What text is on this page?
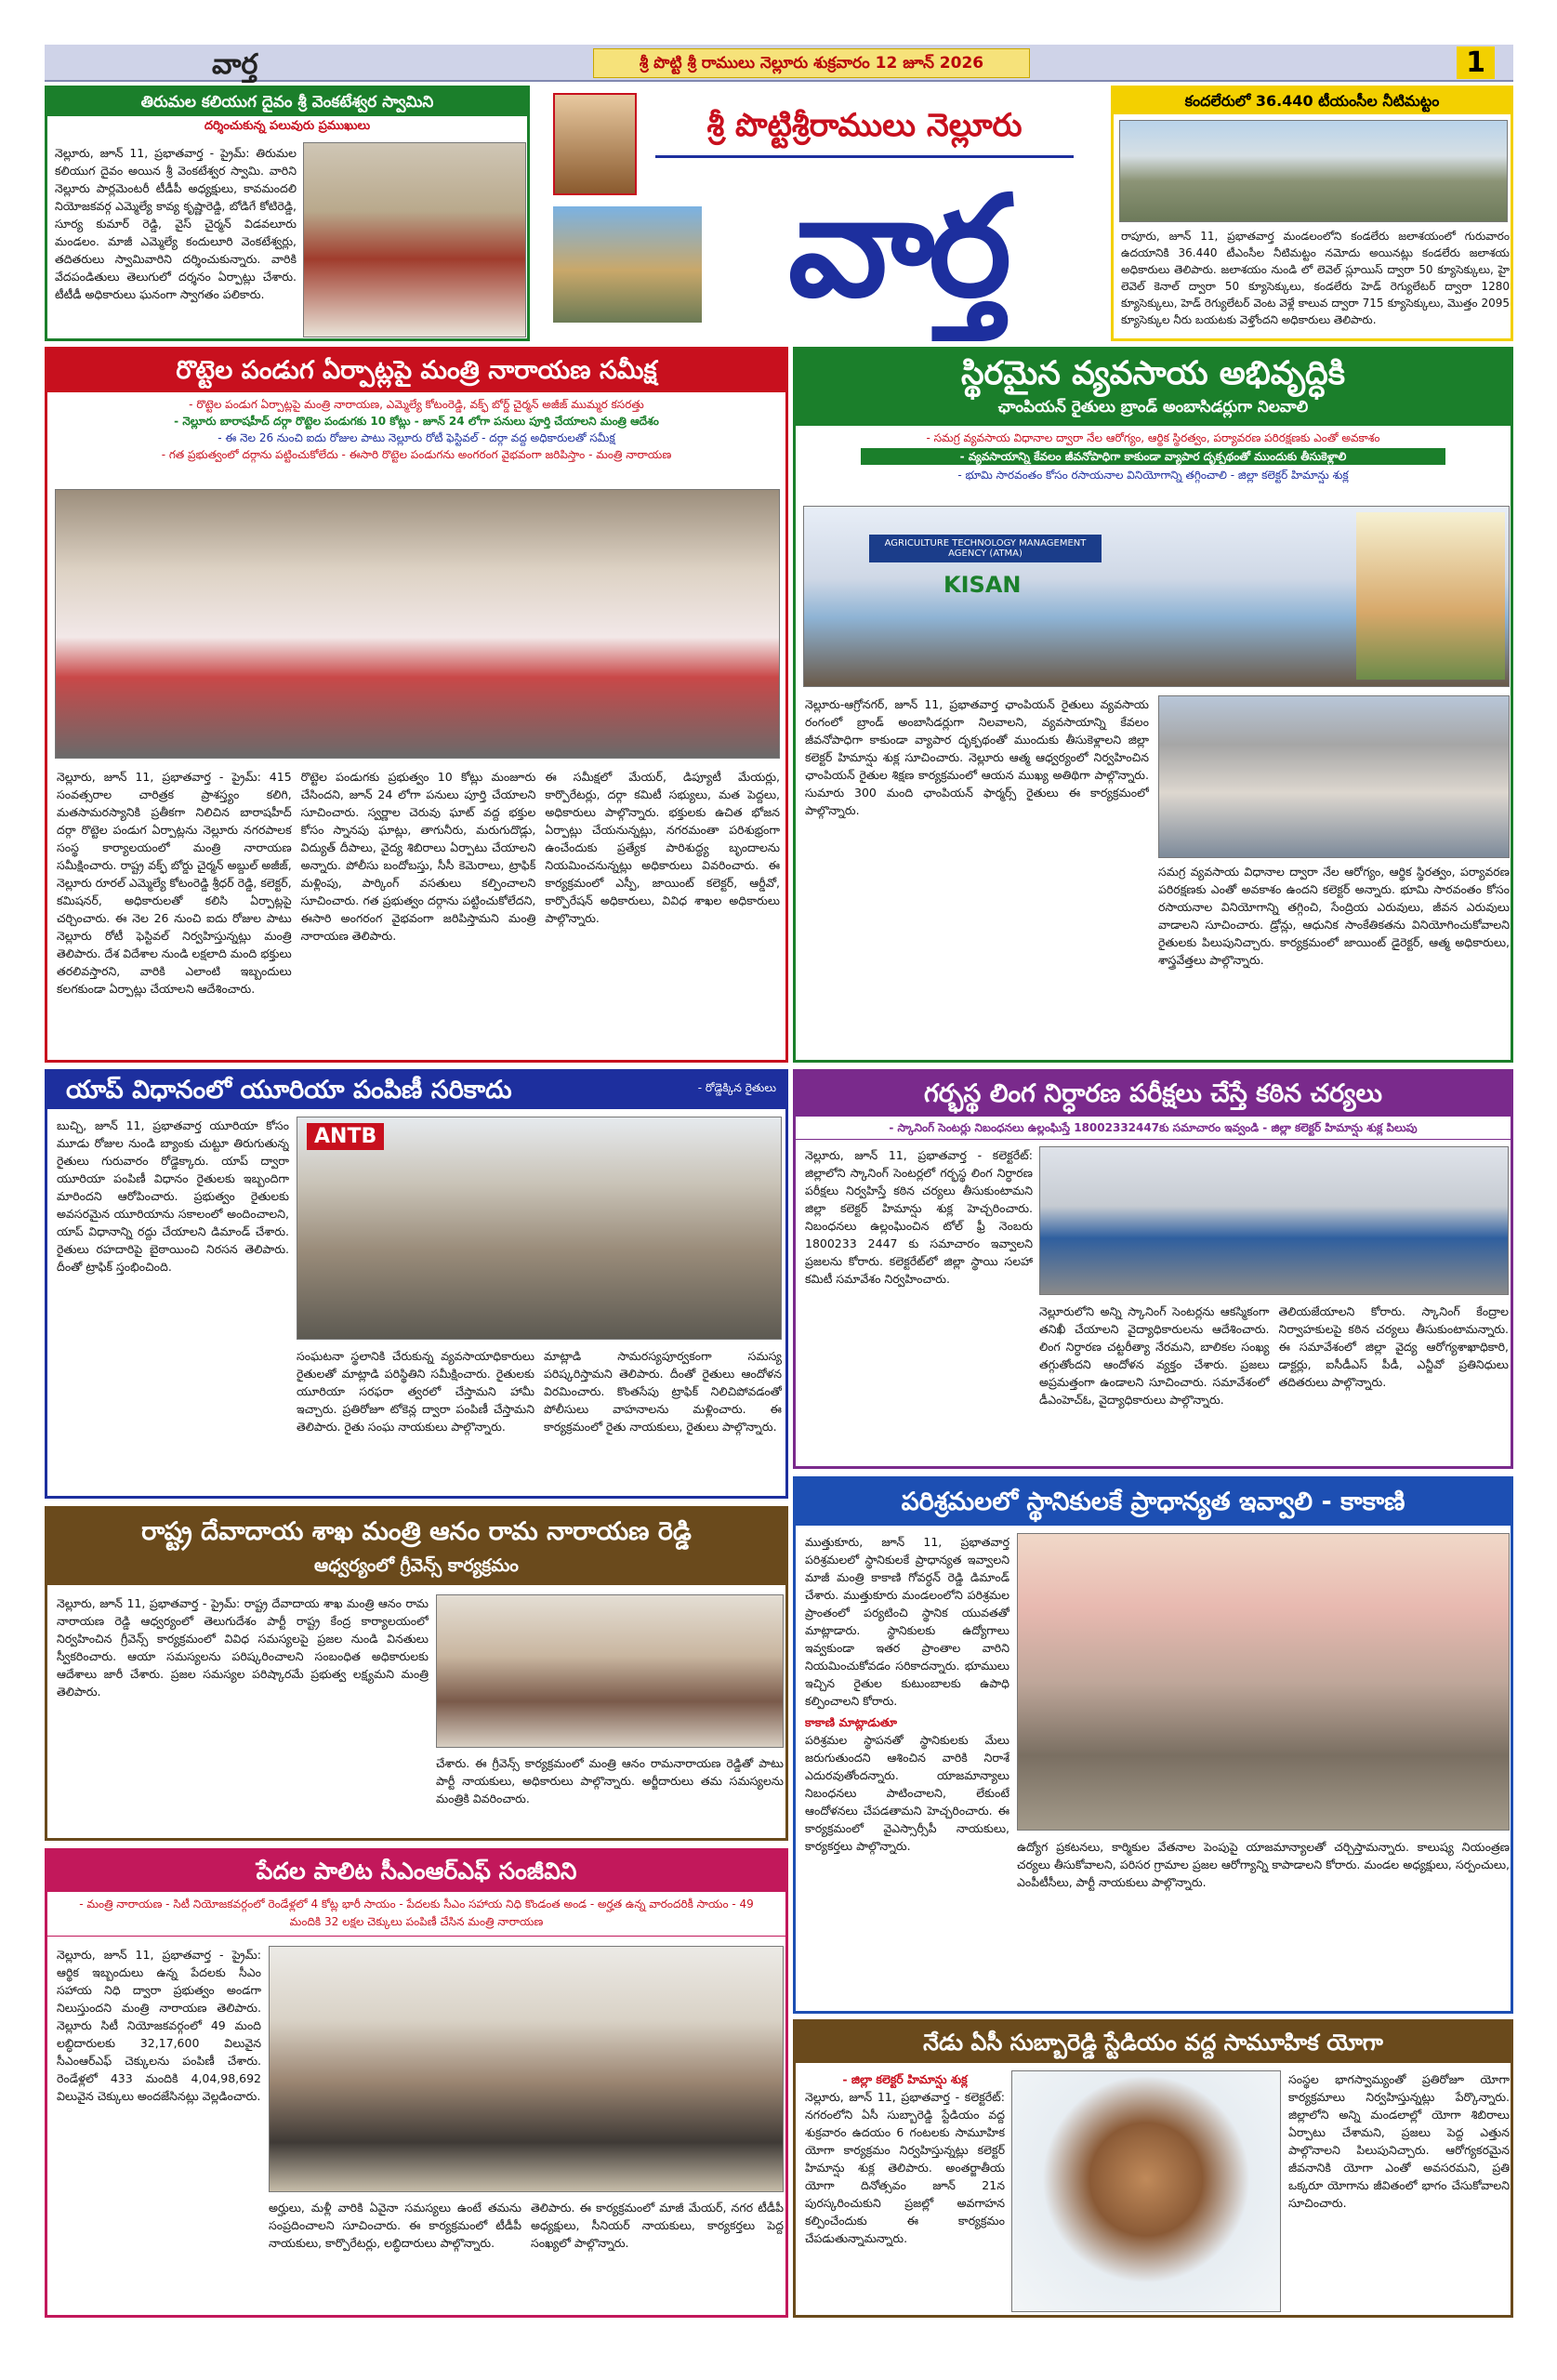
వార్త	శ్రీ పొట్టి శ్రీ రాములు నెల్లూరు శుక్రవారం 12 జూన్ 2026	1
తిరుమల కలియుగ దైవం శ్రీ వెంకటేశ్వర స్వామిని
దర్శించుకున్న పలువురు ప్రముఖులు
నెల్లూరు, జూన్ 11, ప్రభాతవార్త - ప్రైమ్: తిరుమల కలియుగ దైవం అయిన శ్రీ వెంకటేశ్వర స్వామి. వారిని నెల్లూరు పార్లమెంటరీ టీడీపీ అధ్యక్షులు, కావమందలి నియోజకవర్గ ఎమ్మెల్యే కావ్య కృష్ణారెడ్డి, బోడిగే కోటిరెడ్డి, సూర్య కుమార్ రెడ్డి, వైస్ చైర్మన్ విడవలూరు మండలం. మాజీ ఎమ్మెల్యే కందులూరి వెంకటేశ్వర్లు, తదితరులు స్వామివారిని దర్శించుకున్నారు. వారికి వేదపండితులు తెలుగులో దర్శనం ఏర్పాట్లు చేశారు. టీటీడీ అధికారులు ఘనంగా స్వాగతం పలికారు.
శ్రీ పొట్టిశ్రీరాములు నెల్లూరు
వార్త
కందలేరులో 36.440 టీయంసీల నీటిమట్టం
రాపూరు, జూన్ 11, ప్రభాతవార్త మండలంలోని కండలేరు జలాశయంలో గురువారం ఉదయానికి 36.440 టీఎంసీల నీటిమట్టం నమోదు అయినట్లు కండలేరు జలాశయ అధికారులు తెలిపారు. జలాశయం నుండి లో లెవెల్ స్లూయిస్ ద్వారా 50 క్యూసెక్కులు, హై లెవెల్ కెనాల్ ద్వారా 50 క్యూసెక్కులు, కండలేరు హెడ్ రెగ్యులేటర్ ద్వారా 1280 క్యూసెక్కులు, హెడ్ రెగ్యులేటర్ వెంట వెళ్లే కాలువ ద్వారా 715 క్యూసెక్కులు, మొత్తం 2095 క్యూసెక్కుల నీరు బయటకు వెళ్తోందని అధికారులు తెలిపారు.
రొట్టెల పండుగ ఏర్పాట్లపై మంత్రి నారాయణ సమీక్ష
- రొట్టెల పండుగ ఏర్పాట్లపై మంత్రి నారాయణ, ఎమ్మెల్యే కోటంరెడ్డి, వక్ఫ్ బోర్డ్ చైర్మన్ అజీజ్ ముమ్మర కసరత్తు
- నెల్లూరు బారాషహీద్ దర్గా రొట్టెల పండుగకు 10 కోట్లు - జూన్ 24 లోగా పనులు పూర్తి చేయాలని మంత్రి ఆదేశం
- ఈ నెల 26 నుంచి ఐదు రోజుల పాటు నెల్లూరు రోటీ ఫెస్టివల్ - దర్గా వద్ద అధికారులతో సమీక్ష
- గత ప్రభుత్వంలో దర్గాను పట్టించుకోలేదు - ఈసారి రొట్టెల పండుగను అంగరంగ వైభవంగా జరిపిస్తాం - మంత్రి నారాయణ
నెల్లూరు, జూన్ 11, ప్రభాతవార్త - ప్రైమ్: 415 సంవత్సరాల చారిత్రక ప్రాశస్త్యం కలిగి, మతసామరస్యానికి ప్రతీకగా నిలిచిన బారాషహీద్ దర్గా రొట్టెల పండుగ ఏర్పాట్లను నెల్లూరు నగరపాలక సంస్థ కార్యాలయంలో మంత్రి నారాయణ సమీక్షించారు. రాష్ట్ర వక్ఫ్ బోర్డు చైర్మన్ అబ్దుల్ అజీజ్, నెల్లూరు రూరల్ ఎమ్మెల్యే కోటంరెడ్డి శ్రీధర్ రెడ్డి, కలెక్టర్, కమిషనర్, అధికారులతో కలిసి ఏర్పాట్లపై చర్చించారు. ఈ నెల 26 నుంచి ఐదు రోజుల పాటు నెల్లూరు రోటీ ఫెస్టివల్ నిర్వహిస్తున్నట్లు మంత్రి తెలిపారు. దేశ విదేశాల నుండి లక్షలాది మంది భక్తులు తరలివస్తారని, వారికి ఎలాంటి ఇబ్బందులు కలగకుండా ఏర్పాట్లు చేయాలని ఆదేశించారు.
రొట్టెల పండుగకు ప్రభుత్వం 10 కోట్లు మంజూరు చేసిందని, జూన్ 24 లోగా పనులు పూర్తి చేయాలని సూచించారు. స్వర్ణాల చెరువు ఘాట్ వద్ద భక్తుల కోసం స్నానపు ఘాట్లు, తాగునీరు, మరుగుదొడ్లు, విద్యుత్ దీపాలు, వైద్య శిబిరాలు ఏర్పాటు చేయాలని అన్నారు. పోలీసు బందోబస్తు, సీసీ కెమెరాలు, ట్రాఫిక్ మళ్లింపు, పార్కింగ్ వసతులు కల్పించాలని సూచించారు. గత ప్రభుత్వం దర్గాను పట్టించుకోలేదని, ఈసారి అంగరంగ వైభవంగా జరిపిస్తామని మంత్రి నారాయణ తెలిపారు.
ఈ సమీక్షలో మేయర్, డిప్యూటీ మేయర్లు, కార్పొరేటర్లు, దర్గా కమిటీ సభ్యులు, మత పెద్దలు, అధికారులు పాల్గొన్నారు. భక్తులకు ఉచిత భోజన ఏర్పాట్లు చేయనున్నట్లు, నగరమంతా పరిశుభ్రంగా ఉంచేందుకు ప్రత్యేక పారిశుద్ధ్య బృందాలను నియమించనున్నట్లు అధికారులు వివరించారు. ఈ కార్యక్రమంలో ఎస్పీ, జాయింట్ కలెక్టర్, ఆర్డీవో, కార్పొరేషన్ అధికారులు, వివిధ శాఖల అధికారులు పాల్గొన్నారు.
స్థిరమైన వ్యవసాయ అభివృద్ధికి
ఛాంపియన్ రైతులు బ్రాండ్ అంబాసిడర్లుగా నిలవాలి
- సమగ్ర వ్యవసాయ విధానాల ద్వారా నేల ఆరోగ్యం, ఆర్థిక స్థిరత్వం, పర్యావరణ పరిరక్షణకు ఎంతో అవకాశం
- వ్యవసాయాన్ని కేవలం జీవనోపాధిగా కాకుండా వ్యాపార దృక్పథంతో ముందుకు తీసుకెళ్లాలి
- భూమి సారవంతం కోసం రసాయనాల వినియోగాన్ని తగ్గించాలి - జిల్లా కలెక్టర్ హిమాన్షు శుక్ల
AGRICULTURE TECHNOLOGY MANAGEMENT AGENCY (ATMA)
KISAN
నెల్లూరు-ఆగ్రోనగర్, జూన్ 11, ప్రభాతవార్త ఛాంపియన్ రైతులు వ్యవసాయ రంగంలో బ్రాండ్ అంబాసిడర్లుగా నిలవాలని, వ్యవసాయాన్ని కేవలం జీవనోపాధిగా కాకుండా వ్యాపార దృక్పథంతో ముందుకు తీసుకెళ్లాలని జిల్లా కలెక్టర్ హిమాన్షు శుక్ల సూచించారు. నెల్లూరు ఆత్మ ఆధ్వర్యంలో నిర్వహించిన ఛాంపియన్ రైతుల శిక్షణ కార్యక్రమంలో ఆయన ముఖ్య అతిథిగా పాల్గొన్నారు. సుమారు 300 మంది ఛాంపియన్ ఫార్మర్స్ రైతులు ఈ కార్యక్రమంలో పాల్గొన్నారు.
సమగ్ర వ్యవసాయ విధానాల ద్వారా నేల ఆరోగ్యం, ఆర్థిక స్థిరత్వం, పర్యావరణ పరిరక్షణకు ఎంతో అవకాశం ఉందని కలెక్టర్ అన్నారు. భూమి సారవంతం కోసం రసాయనాల వినియోగాన్ని తగ్గించి, సేంద్రియ ఎరువులు, జీవన ఎరువులు వాడాలని సూచించారు. డ్రోన్లు, ఆధునిక సాంకేతికతను వినియోగించుకోవాలని రైతులకు పిలుపునిచ్చారు. కార్యక్రమంలో జాయింట్ డైరెక్టర్, ఆత్మ అధికారులు, శాస్త్రవేత్తలు పాల్గొన్నారు.
యాప్ విధానంలో యూరియా పంపిణీ సరికాదు	- రోడ్డెక్కిన రైతులు
బుచ్చి, జూన్ 11, ప్రభాతవార్త యూరియా కోసం మూడు రోజుల నుండి బ్యాంకు చుట్టూ తిరుగుతున్న రైతులు గురువారం రోడ్డెక్కారు. యాప్ ద్వారా యూరియా పంపిణీ విధానం రైతులకు ఇబ్బందిగా మారిందని ఆరోపించారు. ప్రభుత్వం రైతులకు అవసరమైన యూరియాను సకాలంలో అందించాలని, యాప్ విధానాన్ని రద్దు చేయాలని డిమాండ్ చేశారు. రైతులు రహదారిపై బైఠాయించి నిరసన తెలిపారు. దీంతో ట్రాఫిక్ స్తంభించింది.
ANTB
సంఘటనా స్థలానికి చేరుకున్న వ్యవసాయాధికారులు రైతులతో మాట్లాడి పరిస్థితిని సమీక్షించారు. రైతులకు యూరియా సరఫరా త్వరలో చేస్తామని హామీ ఇచ్చారు. ప్రతిరోజూ టోకెన్ల ద్వారా పంపిణీ చేస్తామని తెలిపారు. రైతు సంఘ నాయకులు పాల్గొన్నారు.
మాట్లాడి సామరస్యపూర్వకంగా సమస్య పరిష్కరిస్తామని తెలిపారు. దీంతో రైతులు ఆందోళన విరమించారు. కొంతసేపు ట్రాఫిక్ నిలిచిపోవడంతో పోలీసులు వాహనాలను మళ్లించారు. ఈ కార్యక్రమంలో రైతు నాయకులు, రైతులు పాల్గొన్నారు.
గర్భస్థ లింగ నిర్ధారణ పరీక్షలు చేస్తే కఠిన చర్యలు
- స్కానింగ్ సెంటర్లు నిబంధనలు ఉల్లంఘిస్తే 18002332447కు సమాచారం ఇవ్వండి - జిల్లా కలెక్టర్ హిమాన్షు శుక్ల పిలుపు
నెల్లూరు, జూన్ 11, ప్రభాతవార్త - కలెక్టరేట్: జిల్లాలోని స్కానింగ్ సెంటర్లలో గర్భస్థ లింగ నిర్ధారణ పరీక్షలు నిర్వహిస్తే కఠిన చర్యలు తీసుకుంటామని జిల్లా కలెక్టర్ హిమాన్షు శుక్ల హెచ్చరించారు. నిబంధనలు ఉల్లంఘించిన టోల్ ఫ్రీ నెంబరు 1800233 2447 కు సమాచారం ఇవ్వాలని ప్రజలను కోరారు. కలెక్టరేట్‌లో జిల్లా స్థాయి సలహా కమిటీ సమావేశం నిర్వహించారు.
నెల్లూరులోని అన్ని స్కానింగ్ సెంటర్లను ఆకస్మికంగా తనిఖీ చేయాలని వైద్యాధికారులను ఆదేశించారు. లింగ నిర్ధారణ చట్టరీత్యా నేరమని, బాలికల సంఖ్య తగ్గుతోందని ఆందోళన వ్యక్తం చేశారు. ప్రజలు అప్రమత్తంగా ఉండాలని సూచించారు. సమావేశంలో డీఎంహెచ్ఓ, వైద్యాధికారులు పాల్గొన్నారు.
తెలియజేయాలని కోరారు. స్కానింగ్ కేంద్రాల నిర్వాహకులపై కఠిన చర్యలు తీసుకుంటామన్నారు. ఈ సమావేశంలో జిల్లా వైద్య ఆరోగ్యశాఖాధికారి, డాక్టర్లు, ఐసీడీఎస్ పీడీ, ఎన్జీవో ప్రతినిధులు తదితరులు పాల్గొన్నారు.
పరిశ్రమలలో స్థానికులకే ప్రాధాన్యత ఇవ్వాలి - కాకాణి
ముత్తుకూరు, జూన్ 11, ప్రభాతవార్త పరిశ్రమలలో స్థానికులకే ప్రాధాన్యత ఇవ్వాలని మాజీ మంత్రి కాకాణి గోవర్ధన్ రెడ్డి డిమాండ్ చేశారు. ముత్తుకూరు మండలంలోని పరిశ్రమల ప్రాంతంలో పర్యటించి స్థానిక యువతతో మాట్లాడారు. స్థానికులకు ఉద్యోగాలు ఇవ్వకుండా ఇతర ప్రాంతాల వారిని నియమించుకోవడం సరికాదన్నారు. భూములు ఇచ్చిన రైతుల కుటుంబాలకు ఉపాధి కల్పించాలని కోరారు.
కాకాణి మాట్లాడుతూ
పరిశ్రమల స్థాపనతో స్థానికులకు మేలు జరుగుతుందని ఆశించిన వారికి నిరాశే ఎదురవుతోందన్నారు. యాజమాన్యాలు నిబంధనలు పాటించాలని, లేకుంటే ఆందోళనలు చేపడతామని హెచ్చరించారు. ఈ కార్యక్రమంలో వైఎస్సార్సీపీ నాయకులు, కార్యకర్తలు పాల్గొన్నారు.	ఉద్యోగ ప్రకటనలు, కార్మికుల వేతనాల పెంపుపై యాజమాన్యాలతో చర్చిస్తామన్నారు. కాలుష్య నియంత్రణ చర్యలు తీసుకోవాలని, పరిసర గ్రామాల ప్రజల ఆరోగ్యాన్ని కాపాడాలని కోరారు. మండల అధ్యక్షులు, సర్పంచులు, ఎంపీటీసీలు, పార్టీ నాయకులు పాల్గొన్నారు.
రాష్ట్ర దేవాదాయ శాఖ మంత్రి ఆనం రామ నారాయణ రెడ్డి
ఆధ్వర్యంలో గ్రీవెన్స్ కార్యక్రమం
నెల్లూరు, జూన్ 11, ప్రభాతవార్త - ప్రైమ్: రాష్ట్ర దేవాదాయ శాఖ మంత్రి ఆనం రామ నారాయణ రెడ్డి ఆధ్వర్యంలో తెలుగుదేశం పార్టీ రాష్ట్ర కేంద్ర కార్యాలయంలో నిర్వహించిన గ్రీవెన్స్ కార్యక్రమంలో వివిధ సమస్యలపై ప్రజల నుండి వినతులు స్వీకరించారు. ఆయా సమస్యలను పరిష్కరించాలని సంబంధిత అధికారులకు ఆదేశాలు జారీ చేశారు. ప్రజల సమస్యల పరిష్కారమే ప్రభుత్వ లక్ష్యమని మంత్రి తెలిపారు.
చేశారు. ఈ గ్రీవెన్స్ కార్యక్రమంలో మంత్రి ఆనం రామనారాయణ రెడ్డితో పాటు పార్టీ నాయకులు, అధికారులు పాల్గొన్నారు. అర్జీదారులు తమ సమస్యలను మంత్రికి వివరించారు.
పేదల పాలిట సీఎంఆర్ఎఫ్ సంజీవిని
- మంత్రి నారాయణ - సిటీ నియోజకవర్గంలో రెండేళ్లలో 4 కోట్ల భారీ సాయం - పేదలకు సీఎం సహాయ నిధి కొండంత అండ - అర్హత ఉన్న వారందరికీ సాయం - 49 మందికి 32 లక్షల చెక్కులు పంపిణీ చేసిన మంత్రి నారాయణ
నెల్లూరు, జూన్ 11, ప్రభాతవార్త - ప్రైమ్: ఆర్థిక ఇబ్బందులు ఉన్న పేదలకు సీఎం సహాయ నిధి ద్వారా ప్రభుత్వం అండగా నిలుస్తుందని మంత్రి నారాయణ తెలిపారు. నెల్లూరు సిటీ నియోజకవర్గంలో 49 మంది లబ్ధిదారులకు 32,17,600 విలువైన సీఎంఆర్ఎఫ్ చెక్కులను పంపిణీ చేశారు. రెండేళ్లలో 433 మందికి 4,04,98,692 విలువైన చెక్కులు అందజేసినట్లు వెల్లడించారు.
అర్హులు, మళ్లీ వారికి ఏవైనా సమస్యలు ఉంటే తమను సంప్రదించాలని సూచించారు. ఈ కార్యక్రమంలో టీడీపీ నాయకులు, కార్పొరేటర్లు, లబ్ధిదారులు పాల్గొన్నారు.
తెలిపారు. ఈ కార్యక్రమంలో మాజీ మేయర్, నగర టీడీపీ అధ్యక్షులు, సీనియర్ నాయకులు, కార్యకర్తలు పెద్ద సంఖ్యలో పాల్గొన్నారు.
నేడు ఏసీ సుబ్బారెడ్డి స్టేడియం వద్ద సామూహిక యోగా
- జిల్లా కలెక్టర్ హిమాన్షు శుక్ల
నెల్లూరు, జూన్ 11, ప్రభాతవార్త - కలెక్టరేట్: నగరంలోని ఏసీ సుబ్బారెడ్డి స్టేడియం వద్ద శుక్రవారం ఉదయం 6 గంటలకు సామూహిక యోగా కార్యక్రమం నిర్వహిస్తున్నట్లు కలెక్టర్ హిమాన్షు శుక్ల తెలిపారు. అంతర్జాతీయ యోగా దినోత్సవం జూన్ 21న పురస్కరించుకుని ప్రజల్లో అవగాహన కల్పించేందుకు ఈ కార్యక్రమం చేపడుతున్నామన్నారు.
సంస్థల భాగస్వామ్యంతో ప్రతిరోజూ యోగా కార్యక్రమాలు నిర్వహిస్తున్నట్లు పేర్కొన్నారు. జిల్లాలోని అన్ని మండలాల్లో యోగా శిబిరాలు ఏర్పాటు చేశామని, ప్రజలు పెద్ద ఎత్తున పాల్గొనాలని పిలుపునిచ్చారు. ఆరోగ్యకరమైన జీవనానికి యోగా ఎంతో అవసరమని, ప్రతి ఒక్కరూ యోగాను జీవితంలో భాగం చేసుకోవాలని సూచించారు.
